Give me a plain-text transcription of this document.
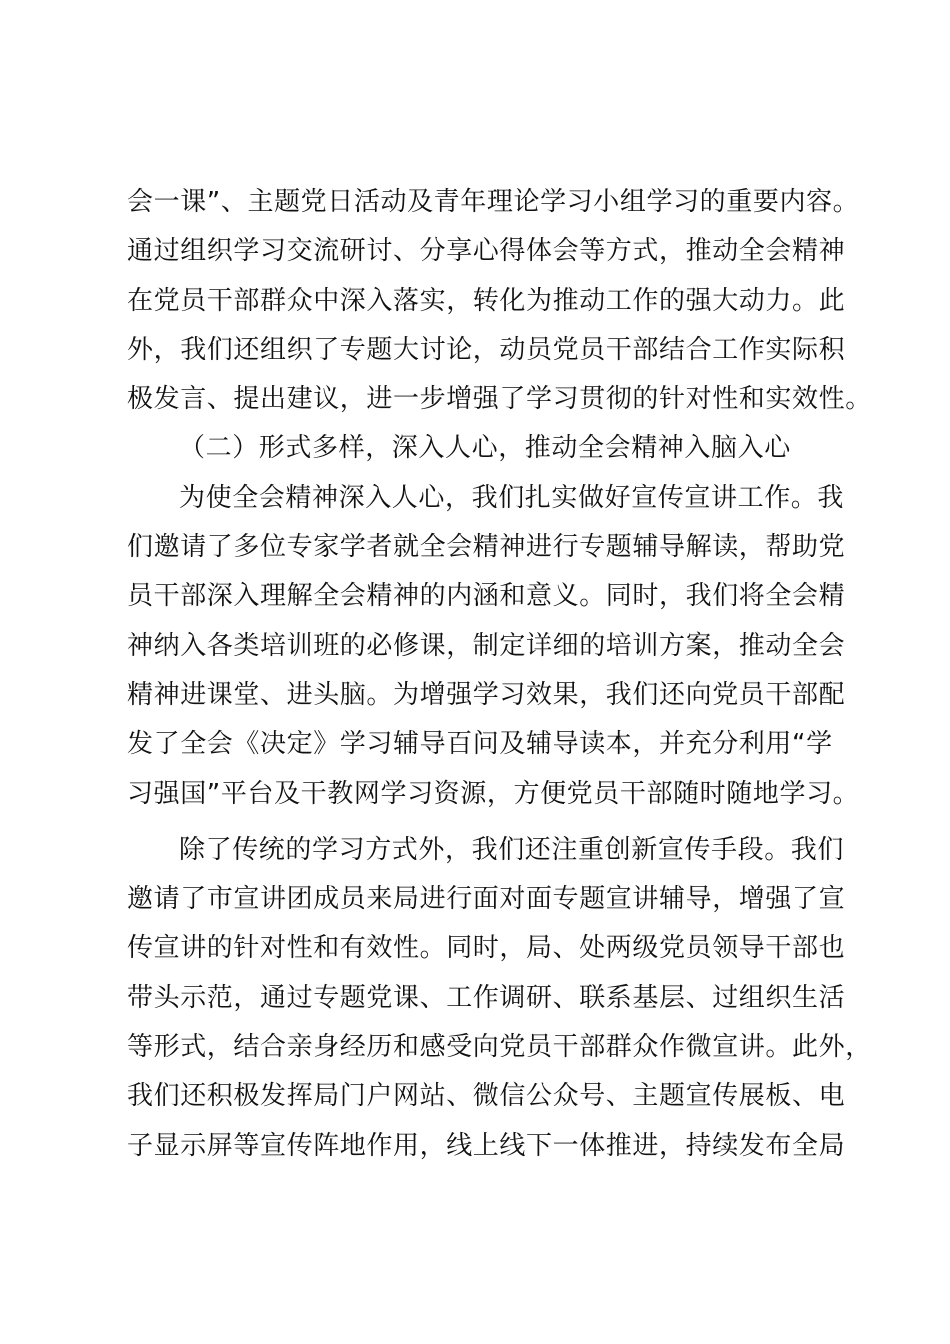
会一课”、主题党日活动及青年理论学习小组学习的重要内容。
通过组织学习交流研讨、分享心得体会等方式，推动全会精神
在党员干部群众中深入落实，转化为推动工作的强大动力。此
外，我们还组织了专题大讨论，动员党员干部结合工作实际积
极发言、提出建议，进一步增强了学习贯彻的针对性和实效性。
（二）形式多样，深入人心，推动全会精神入脑入心
为使全会精神深入人心，我们扎实做好宣传宣讲工作。我
们邀请了多位专家学者就全会精神进行专题辅导解读，帮助党
员干部深入理解全会精神的内涵和意义。同时，我们将全会精
神纳入各类培训班的必修课，制定详细的培训方案，推动全会
精神进课堂、进头脑。为增强学习效果，我们还向党员干部配
发了全会《决定》学习辅导百问及辅导读本，并充分利用“学
习强国”平台及干教网学习资源，方便党员干部随时随地学习。
除了传统的学习方式外，我们还注重创新宣传手段。我们
邀请了市宣讲团成员来局进行面对面专题宣讲辅导，增强了宣
传宣讲的针对性和有效性。同时，局、处两级党员领导干部也
带头示范，通过专题党课、工作调研、联系基层、过组织生活
等形式，结合亲身经历和感受向党员干部群众作微宣讲。此外，
我们还积极发挥局门户网站、微信公众号、主题宣传展板、电
子显示屏等宣传阵地作用，线上线下一体推进，持续发布全局
